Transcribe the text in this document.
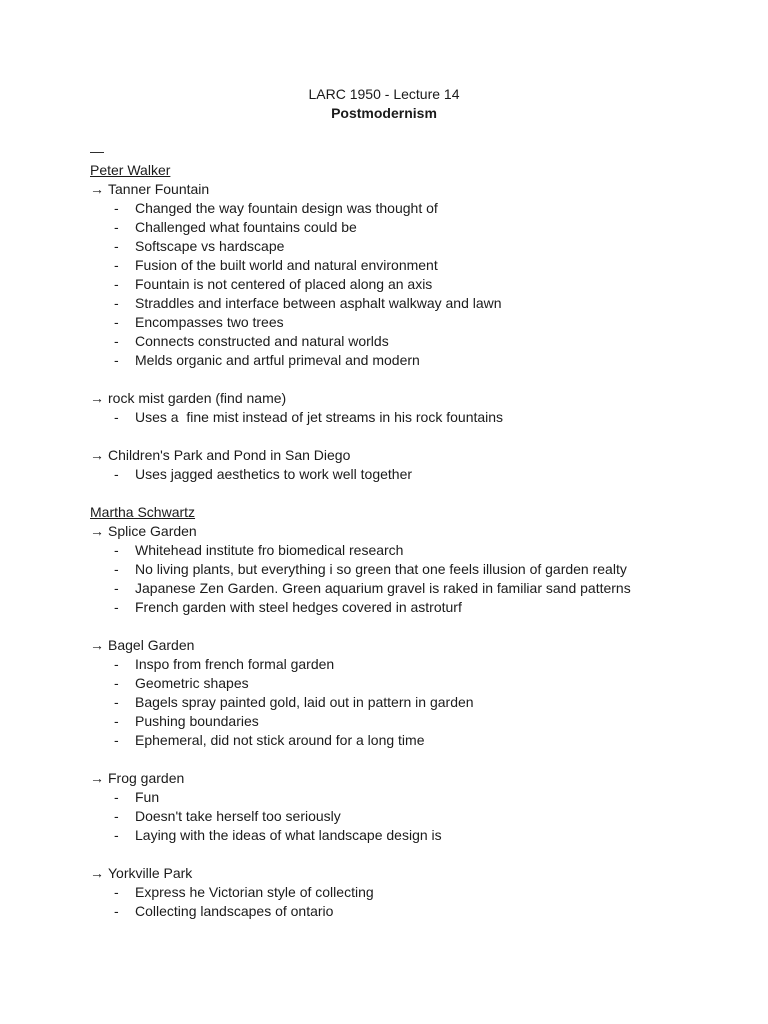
LARC 1950 - Lecture 14

Postmodernism

—

Peter Walker

→ Tanner Fountain

- Changed the way fountain design was thought of
- Challenged what fountains could be
- Softscape vs hardscape
- Fusion of the built world and natural environment
- Fountain is not centered of placed along an axis
- Straddles and interface between asphalt walkway and lawn
- Encompasses two trees
- Connects constructed and natural worlds
- Melds organic and artful primeval and modern

→ rock mist garden (find name)

- Uses a  fine mist instead of jet streams in his rock fountains

→ Children's Park and Pond in San Diego

- Uses jagged aesthetics to work well together

Martha Schwartz

→ Splice Garden

- Whitehead institute fro biomedical research
- No living plants, but everything i so green that one feels illusion of garden realty
- Japanese Zen Garden. Green aquarium gravel is raked in familiar sand patterns
- French garden with steel hedges covered in astroturf

→ Bagel Garden

- Inspo from french formal garden
- Geometric shapes
- Bagels spray painted gold, laid out in pattern in garden
- Pushing boundaries
- Ephemeral, did not stick around for a long time

→ Frog garden

- Fun
- Doesn't take herself too seriously
- Laying with the ideas of what landscape design is

→ Yorkville Park

- Express he Victorian style of collecting
- Collecting landscapes of ontario
